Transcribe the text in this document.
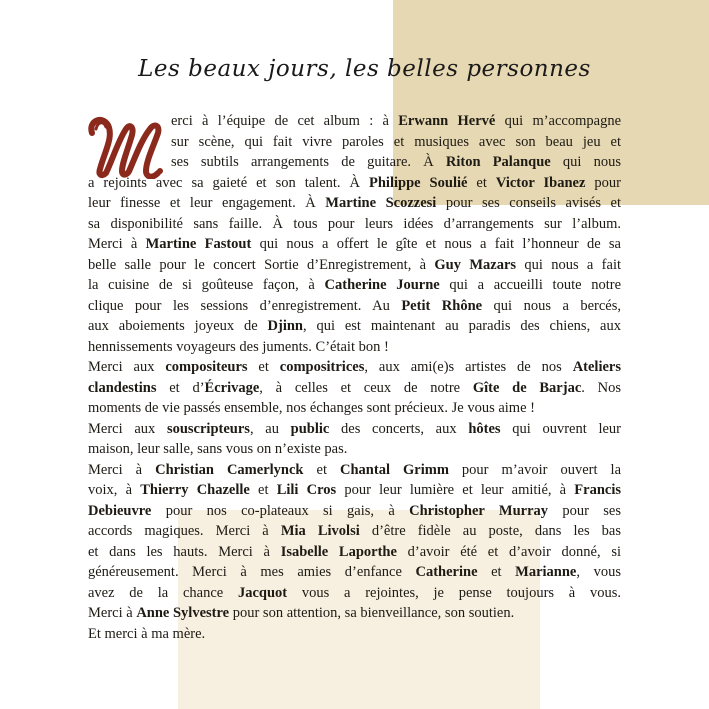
Les beaux jours, les belles personnes
erci à l’équipe de cet album : à Erwann Hervé qui m’accompagne
sur scène, qui fait vivre paroles et musiques avec son beau jeu et
ses subtils arrangements de guitare. À Riton Palanque qui nous
a rejoints avec sa gaieté et son talent. À Philippe Soulié et Victor Ibanez pour
leur finesse et leur engagement. À Martine Scozzesi pour ses conseils avisés et
sa disponibilité sans faille. À tous pour leurs idées d’arrangements sur l’album.
Merci à Martine Fastout qui nous a offert le gîte et nous a fait l’honneur de sa
belle salle pour le concert Sortie d’Enregistrement, à Guy Mazars qui nous a fait
la cuisine de si goûteuse façon, à Catherine Journe qui a accueilli toute notre
clique pour les sessions d’enregistrement. Au Petit Rhône qui nous a bercés,
aux aboiements joyeux de Djinn, qui est maintenant au paradis des chiens, aux
hennissements voyageurs des juments. C’était bon !
Merci aux compositeurs et compositrices, aux ami(e)s artistes de nos Ateliers
clandestins et d’Écrivage, à celles et ceux de notre Gîte de Barjac. Nos
moments de vie passés ensemble, nos échanges sont précieux. Je vous aime !
Merci aux souscripteurs, au public des concerts, aux hôtes qui ouvrent leur
maison, leur salle, sans vous on n’existe pas.
Merci à Christian Camerlynck et Chantal Grimm pour m’avoir ouvert la
voix, à Thierry Chazelle et Lili Cros pour leur lumière et leur amitié, à Francis
Debieuvre pour nos co-plateaux si gais, à Christopher Murray pour ses
accords magiques. Merci à Mia Livolsi d’être fidèle au poste, dans les bas
et dans les hauts. Merci à Isabelle Laporthe d’avoir été et d’avoir donné, si
généreusement. Merci à mes amies d’enfance Catherine et Marianne, vous
avez de la chance Jacquot vous a rejointes, je pense toujours à vous.
Merci à Anne Sylvestre pour son attention, sa bienveillance, son soutien.
Et merci à ma mère.
